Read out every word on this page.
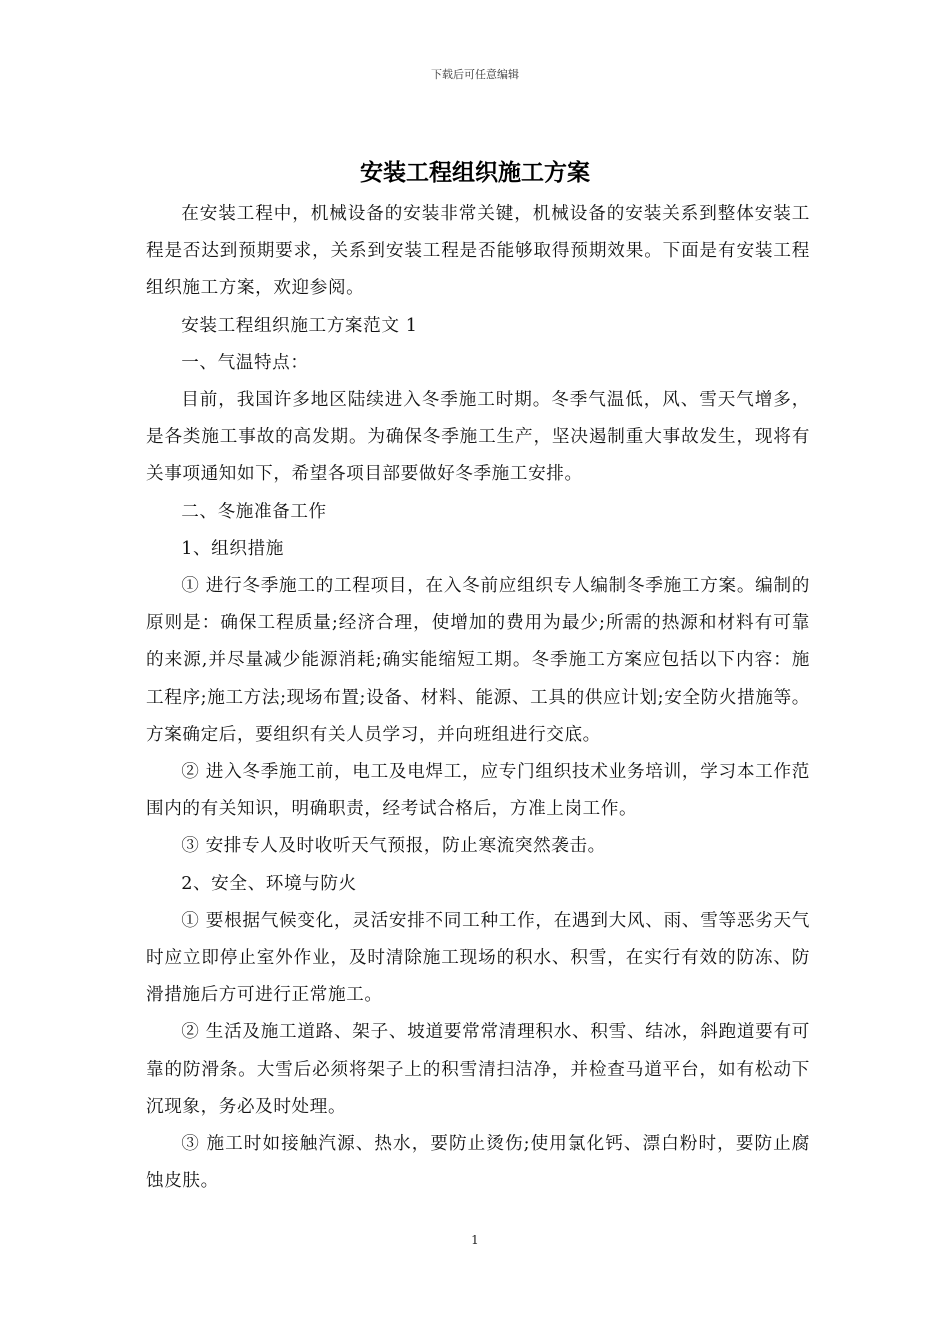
下载后可任意编辑
安装工程组织施工方案

在安装工程中，机械设备的安装非常关键，机械设备的安装关系到整体安装工程是否达到预期要求，关系到安装工程是否能够取得预期效果。下面是有安装工程组织施工方案，欢迎参阅。

安装工程组织施工方案范文 1

一、气温特点：

目前，我国许多地区陆续进入冬季施工时期。冬季气温低，风、雪天气增多，是各类施工事故的高发期。为确保冬季施工生产，坚决遏制重大事故发生，现将有关事项通知如下，希望各项目部要做好冬季施工安排。

二、冬施准备工作

1、组织措施

① 进行冬季施工的工程项目，在入冬前应组织专人编制冬季施工方案。编制的原则是：确保工程质量;经济合理，使增加的费用为最少;所需的热源和材料有可靠的来源,并尽量减少能源消耗;确实能缩短工期。冬季施工方案应包括以下内容：施工程序;施工方法;现场布置;设备、材料、能源、工具的供应计划;安全防火措施等。方案确定后，要组织有关人员学习，并向班组进行交底。

② 进入冬季施工前，电工及电焊工，应专门组织技术业务培训，学习本工作范围内的有关知识，明确职责，经考试合格后，方准上岗工作。

③ 安排专人及时收听天气预报，防止寒流突然袭击。

2、安全、环境与防火

① 要根据气候变化，灵活安排不同工种工作，在遇到大风、雨、雪等恶劣天气时应立即停止室外作业，及时清除施工现场的积水、积雪，在实行有效的防冻、防滑措施后方可进行正常施工。

② 生活及施工道路、架子、坡道要常常清理积水、积雪、结冰，斜跑道要有可靠的防滑条。大雪后必须将架子上的积雪清扫洁净，并检查马道平台，如有松动下沉现象，务必及时处理。

③ 施工时如接触汽源、热水，要防止烫伤;使用氯化钙、漂白粉时，要防止腐蚀皮肤。

1
